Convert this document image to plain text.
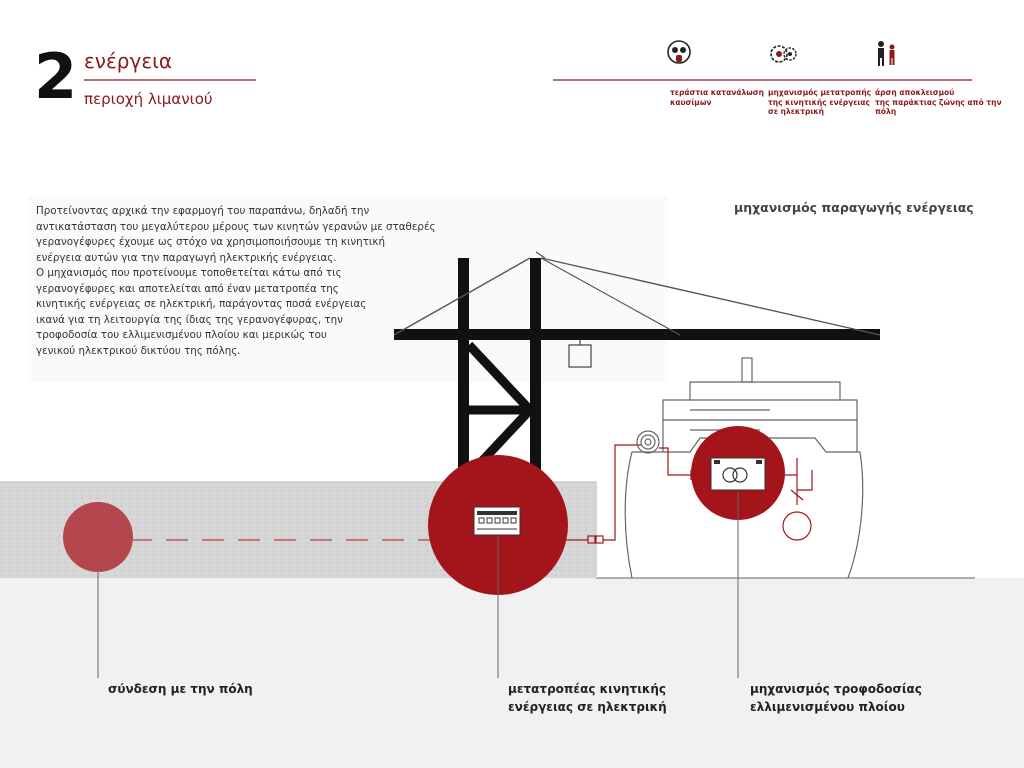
2 ενέργεια
περιοχή λιμανιού	τεράστια κατανάλωση
καυσίμων
μηχανισμός μετατροπής
της κινητικής ενέργειας
σε ηλεκτρική
άρση αποκλεισμού
της παράκτιας ζώνης από την
πόλη
Προτείνοντας αρχικά την εφαρμογή του παραπάνω, δηλαδή την
αντικατάσταση του μεγαλύτερου μέρους των κινητών γερανών με σταθερές
γερανογέφυρες έχουμε ως στόχο να χρησιμοποιήσουμε τη κινητική
ενέργεια αυτών για την παραγωγή ηλεκτρικής ενέργειας.
Ο μηχανισμός που προτείνουμε τοποθετείται κάτω από τις
γερανογέφυρες και αποτελείται από έναν μετατροπέα της
κινητικής ενέργειας σε ηλεκτρική, παράγοντας ποσά ενέργειας
ικανά για τη λειτουργία της ίδιας της γερανογέφυρας, την
τροφοδοσία του ελλιμενισμένου πλοίου και μερικώς του
γενικού ηλεκτρικού δικτύου της πόλης.
μηχανισμός παραγωγής ενέργειας
σύνδεση με την πόλη	μετατροπέας κινητικής
ενέργειας σε ηλεκτρική
μηχανισμός τροφοδοσίας
ελλιμενισμένου πλοίου
